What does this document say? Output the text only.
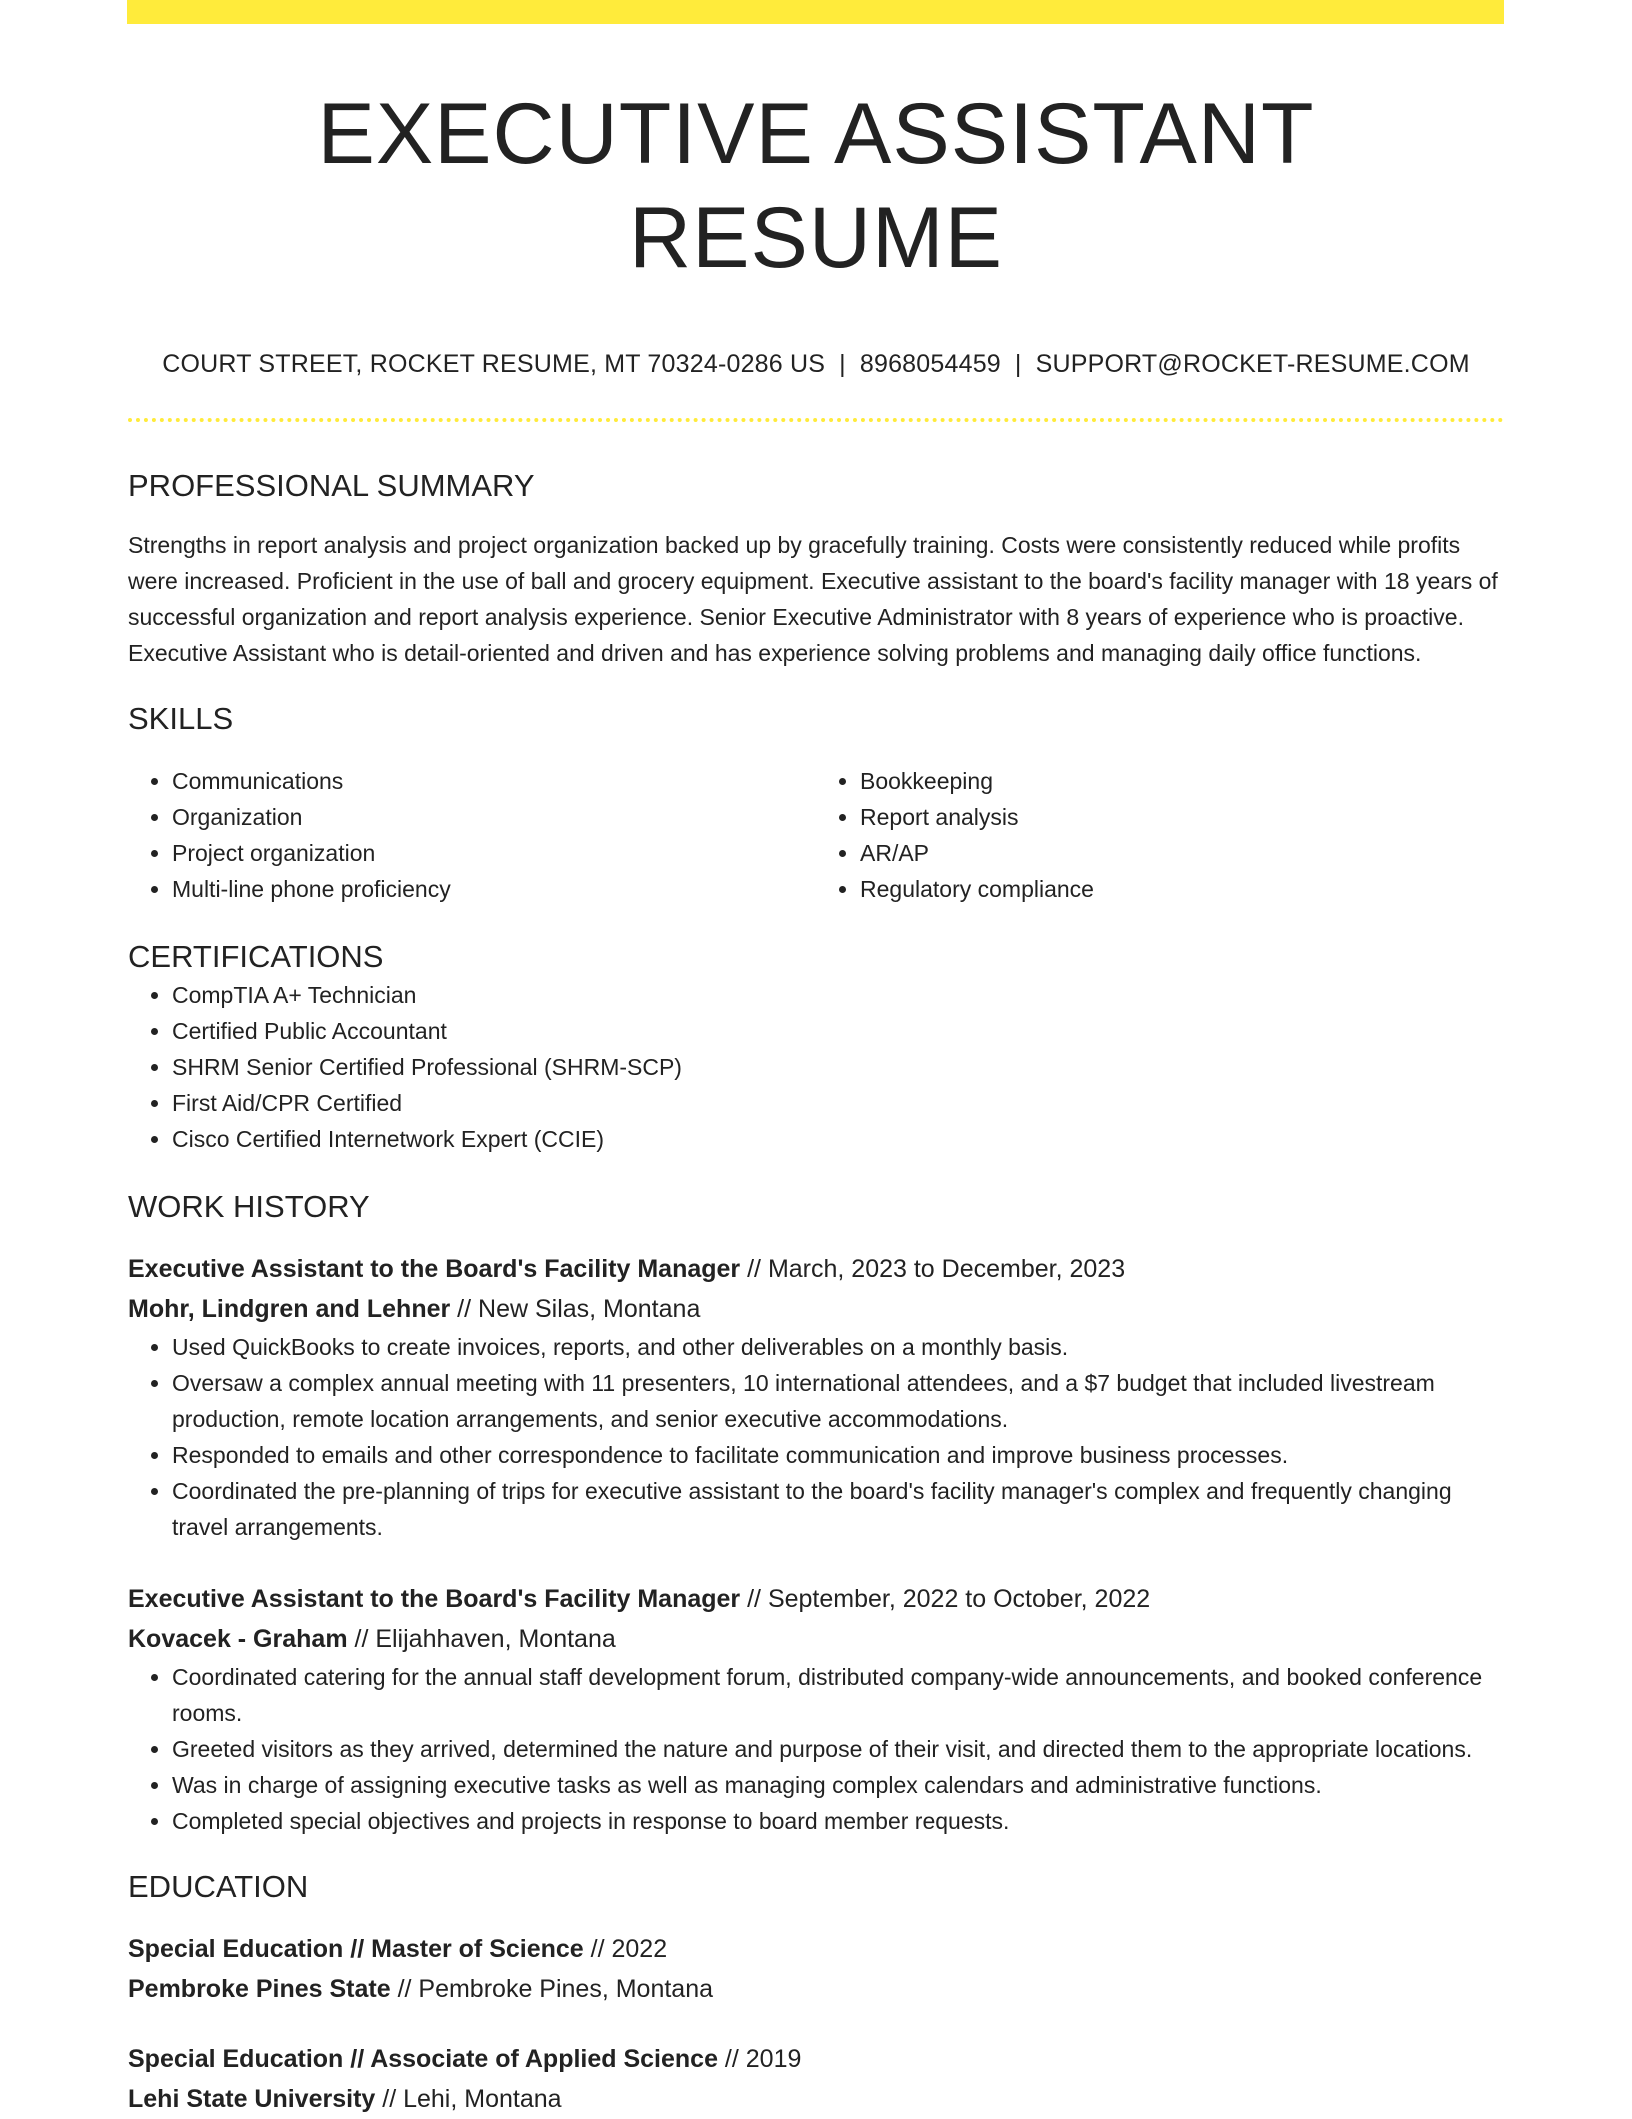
EXECUTIVE ASSISTANT RESUME
COURT STREET, ROCKET RESUME, MT 70324-0286 US | 8968054459 | SUPPORT@ROCKET-RESUME.COM
PROFESSIONAL SUMMARY
Strengths in report analysis and project organization backed up by gracefully training. Costs were consistently reduced while profits were increased. Proficient in the use of ball and grocery equipment. Executive assistant to the board's facility manager with 18 years of successful organization and report analysis experience. Senior Executive Administrator with 8 years of experience who is proactive. Executive Assistant who is detail-oriented and driven and has experience solving problems and managing daily office functions.
SKILLS
• Communications
• Organization
• Project organization
• Multi-line phone proficiency
• Bookkeeping
• Report analysis
• AR/AP
• Regulatory compliance
CERTIFICATIONS
• CompTIA A+ Technician
• Certified Public Accountant
• SHRM Senior Certified Professional (SHRM-SCP)
• First Aid/CPR Certified
• Cisco Certified Internetwork Expert (CCIE)
WORK HISTORY
Executive Assistant to the Board's Facility Manager // March, 2023 to December, 2023
Mohr, Lindgren and Lehner // New Silas, Montana
• Used QuickBooks to create invoices, reports, and other deliverables on a monthly basis.
• Oversaw a complex annual meeting with 11 presenters, 10 international attendees, and a $7 budget that included livestream production, remote location arrangements, and senior executive accommodations.
• Responded to emails and other correspondence to facilitate communication and improve business processes.
• Coordinated the pre-planning of trips for executive assistant to the board's facility manager's complex and frequently changing travel arrangements.
Executive Assistant to the Board's Facility Manager // September, 2022 to October, 2022
Kovacek - Graham // Elijahhaven, Montana
• Coordinated catering for the annual staff development forum, distributed company-wide announcements, and booked conference rooms.
• Greeted visitors as they arrived, determined the nature and purpose of their visit, and directed them to the appropriate locations.
• Was in charge of assigning executive tasks as well as managing complex calendars and administrative functions.
• Completed special objectives and projects in response to board member requests.
EDUCATION
Special Education // Master of Science // 2022
Pembroke Pines State // Pembroke Pines, Montana
Special Education // Associate of Applied Science // 2019
Lehi State University // Lehi, Montana
